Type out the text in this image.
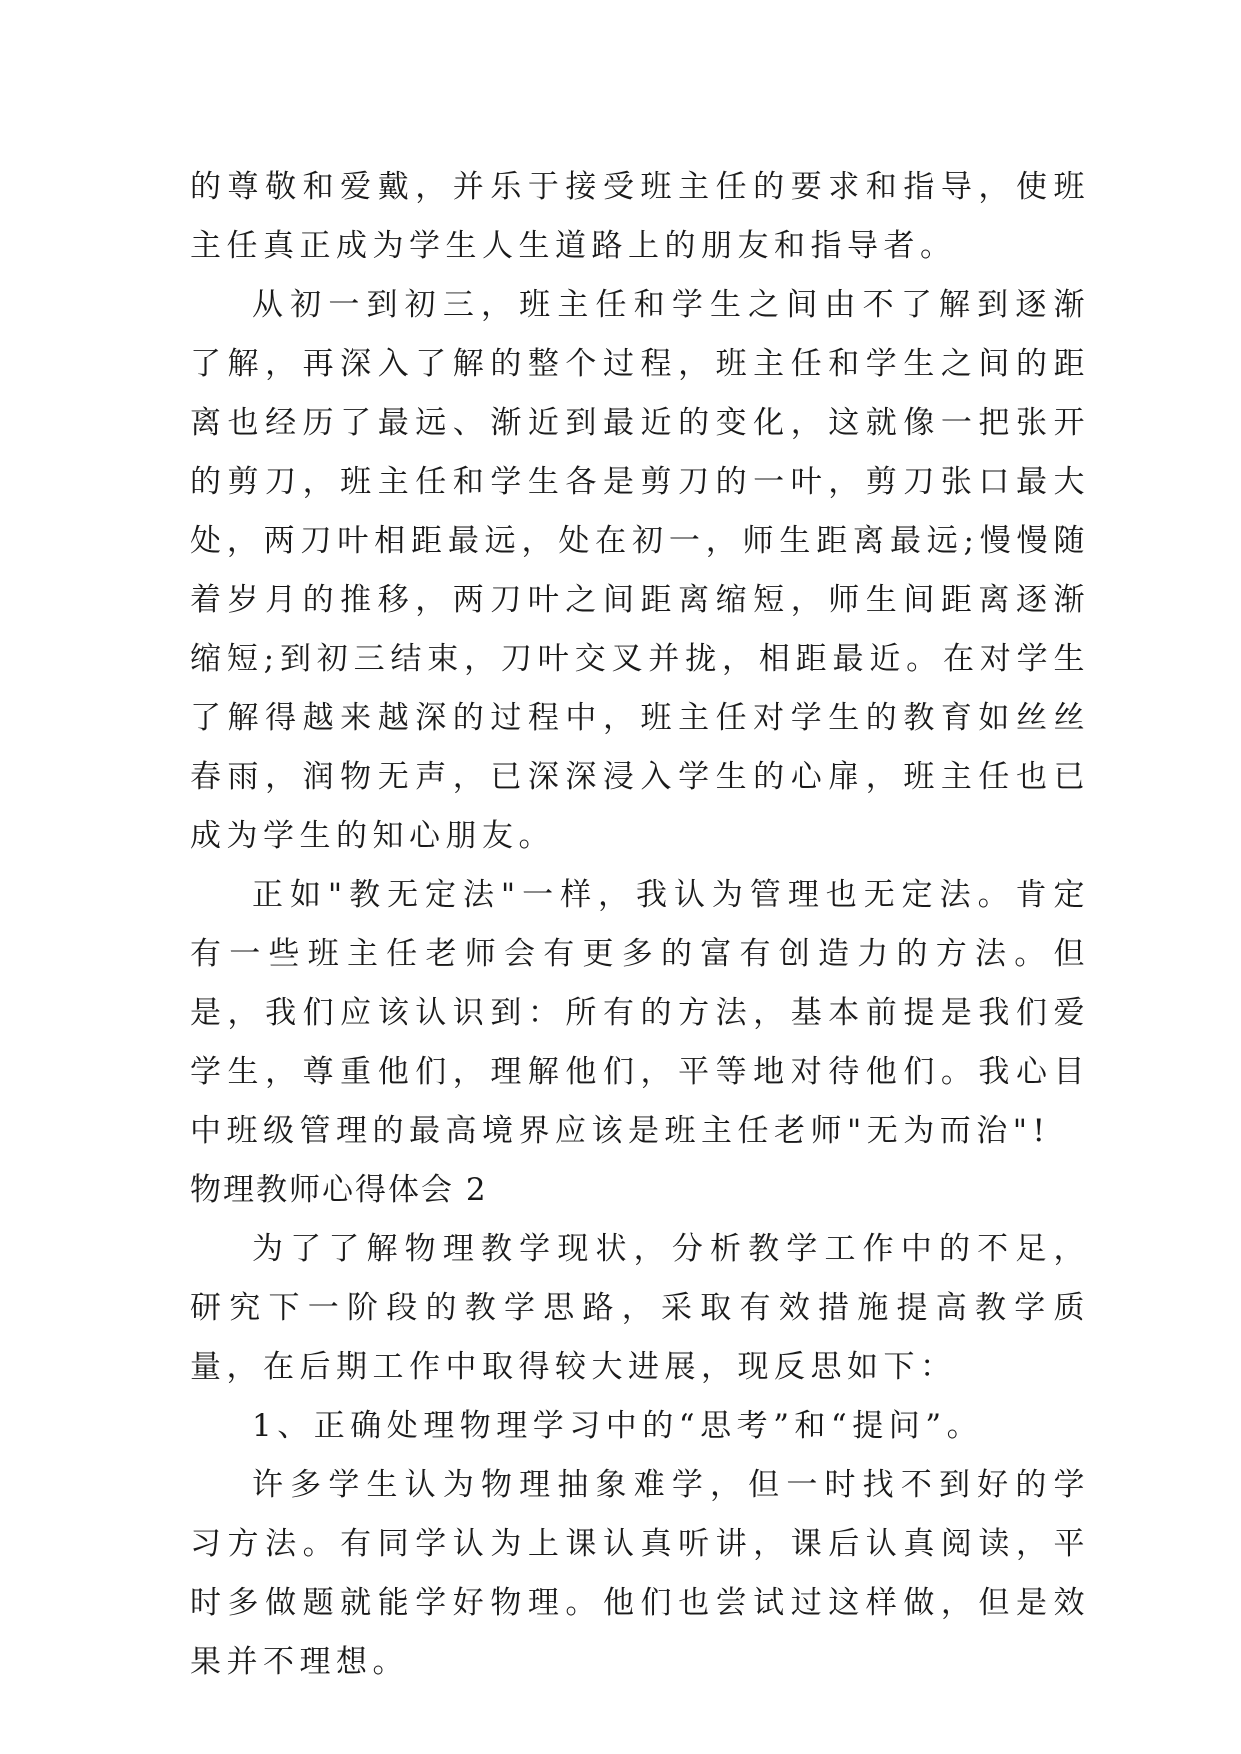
的尊敬和爱戴，并乐于接受班主任的要求和指导，使班主任真正成为学生人生道路上的朋友和指导者。

从初一到初三，班主任和学生之间由不了解到逐渐了解，再深入了解的整个过程，班主任和学生之间的距离也经历了最远、渐近到最近的变化，这就像一把张开的剪刀，班主任和学生各是剪刀的一叶，剪刀张口最大处，两刀叶相距最远，处在初一，师生距离最远;慢慢随着岁月的推移，两刀叶之间距离缩短，师生间距离逐渐缩短;到初三结束，刀叶交叉并拢，相距最近。在对学生了解得越来越深的过程中，班主任对学生的教育如丝丝春雨，润物无声，已深深浸入学生的心扉，班主任也已成为学生的知心朋友。

正如"教无定法"一样，我认为管理也无定法。肯定有一些班主任老师会有更多的富有创造力的方法。但是，我们应该认识到：所有的方法，基本前提是我们爱学生，尊重他们，理解他们，平等地对待他们。我心目中班级管理的最高境界应该是班主任老师"无为而治"!

物理教师心得体会 2

为了了解物理教学现状，分析教学工作中的不足，研究下一阶段的教学思路，采取有效措施提高教学质量，在后期工作中取得较大进展，现反思如下：

1、正确处理物理学习中的“思考”和“提问”。

许多学生认为物理抽象难学，但一时找不到好的学习方法。有同学认为上课认真听讲，课后认真阅读，平时多做题就能学好物理。他们也尝试过这样做，但是效果并不理想。
